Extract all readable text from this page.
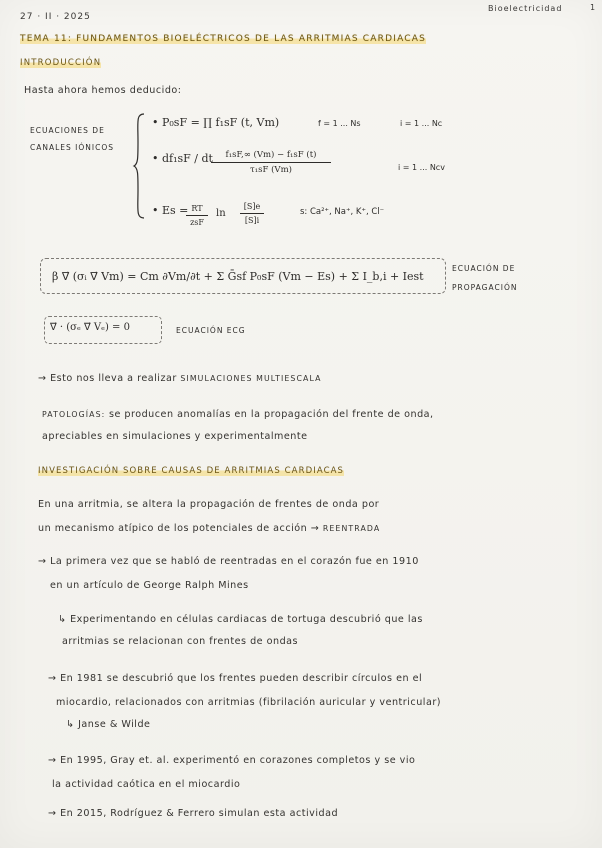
27 · II · 2025
Bioelectricidad	1
TEMA 11: FUNDAMENTOS BIOELÉCTRICOS DE LAS ARRITMIAS CARDIACAS
INTRODUCCIÓN
Hasta ahora hemos deducido:
ECUACIONES DE
CANALES IÓNICOS
• P₀sF = ∏ f₁sF (t, Vm)	f = 1 ... Ns	i = 1 ... Nc
• df₁sF / dt	f₁sF,∞ (Vm) − f₁sF (t)
τ₁sF (Vm)	i = 1 ... Ncv
• Es = RT
zsF
ln
[S]e
[S]i
s: Ca²⁺, Na⁺, K⁺, Cl⁻
β ∇⃗ (σᵢ ∇⃗ Vm) = Cm ∂Vm/∂t + Σ Ḡsf P₀sF (Vm − Es) + Σ I_b,i + Iest
ECUACIÓN DE
PROPAGACIÓN
∇⃗ · (σₑ ∇⃗ Vₑ) = 0	ECUACIÓN ECG
→ Esto nos lleva a realizar SIMULACIONES MULTIESCALA
PATOLOGÍAS: se producen anomalías en la propagación del frente de onda,
apreciables en simulaciones y experimentalmente
INVESTIGACIÓN SOBRE CAUSAS DE ARRITMIAS CARDIACAS
En una arritmia, se altera la propagación de frentes de onda por
un mecanismo atípico de los potenciales de acción → REENTRADA
→ La primera vez que se habló de reentradas en el corazón fue en 1910
en un artículo de George Ralph Mines
↳ Experimentando en células cardiacas de tortuga descubrió que las
arritmias se relacionan con frentes de ondas
→ En 1981 se descubrió que los frentes pueden describir círculos en el
miocardio, relacionados con arritmias (fibrilación auricular y ventricular)
↳ Janse & Wilde
→ En 1995, Gray et. al. experimentó en corazones completos y se vio
la actividad caótica en el miocardio
→ En 2015, Rodríguez & Ferrero simulan esta actividad
